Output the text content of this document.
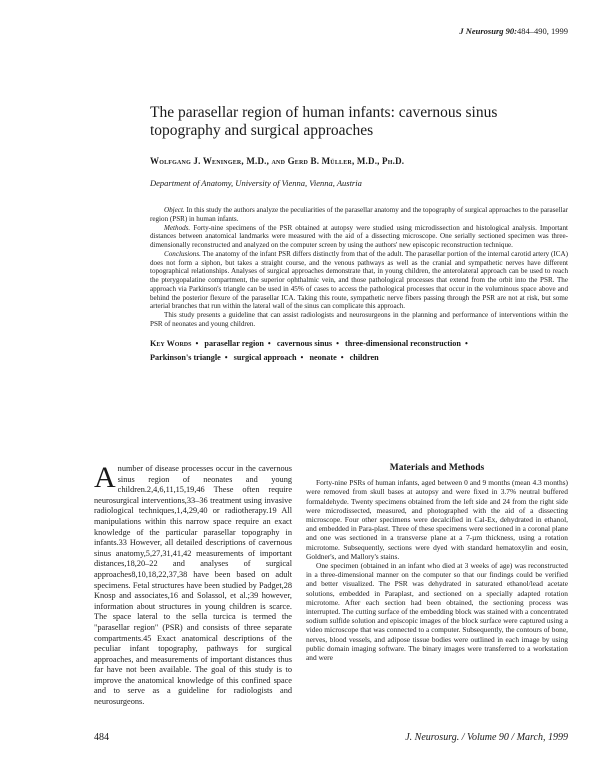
J Neurosurg 90:484–490, 1999
The parasellar region of human infants: cavernous sinus topography and surgical approaches
Wolfgang J. Weninger, M.D., and Gerd B. Müller, M.D., Ph.D.
Department of Anatomy, University of Vienna, Vienna, Austria

Object. In this study the authors analyze the peculiarities of the parasellar anatomy and the topography of surgical approaches to the parasellar region (PSR) in human infants.

Methods. Forty-nine specimens of the PSR obtained at autopsy were studied using microdissection and histological analysis. Important distances between anatomical landmarks were measured with the aid of a dissecting microscope. One serially sectioned specimen was three-dimensionally reconstructed and analyzed on the computer screen by using the authors' new episcopic reconstruction technique.

Conclusions. The anatomy of the infant PSR differs distinctly from that of the adult. The parasellar portion of the internal carotid artery (ICA) does not form a siphon, but takes a straight course, and the venous pathways as well as the cranial and sympathetic nerves have different topographical relationships. Analyses of surgical approaches demonstrate that, in young children, the anterolateral approach can be used to reach the pterygopalatine compartment, the superior ophthalmic vein, and those pathological processes that extend from the orbit into the PSR. The approach via Parkinson's triangle can be used in 45% of cases to access the pathological processes that occur in the voluminous space above and behind the posterior flexure of the parasellar ICA. Taking this route, sympathetic nerve fibers passing through the PSR are not at risk, but some arterial branches that run within the lateral wall of the sinus can complicate this approach.

This study presents a guideline that can assist radiologists and neurosurgeons in the planning and performance of interventions within the PSR of neonates and young children.

Key Words • parasellar region • cavernous sinus • three-dimensional reconstruction •
Parkinson's triangle • surgical approach • neonate • children

Anumber of disease processes occur in the cavernous sinus region of neonates and young children.2,4,6,11,15,19,46 These often require neurosurgical interventions,33–36 treatment using invasive radiological techniques,1,4,29,40 or radiotherapy.19 All manipulations within this narrow space require an exact knowledge of the particular parasellar topography in infants.33 However, all detailed descriptions of cavernous sinus anatomy,5,27,31,41,42 measurements of important distances,18,20–22 and analyses of surgical approaches8,10,18,22,37,38 have been based on adult specimens. Fetal structures have been studied by Padget,28 Knosp and associates,16 and Solassol, et al.;39 however, information about structures in young children is scarce. The space lateral to the sella turcica is termed the "parasellar region" (PSR) and consists of three separate compartments.45 Exact anatomical descriptions of the peculiar infant topography, pathways for surgical approaches, and measurements of important distances thus far have not been available. The goal of this study is to improve the anatomical knowledge of this confined space and to serve as a guideline for radiologists and neurosurgeons.

Materials and Methods

Forty-nine PSRs of human infants, aged between 0 and 9 months (mean 4.3 months) were removed from skull bases at autopsy and were fixed in 3.7% neutral buffered formaldehyde. Twenty specimens obtained from the left side and 24 from the right side were microdissected, measured, and photographed with the aid of a dissecting microscope. Four other specimens were decalcified in Cal-Ex, dehydrated in ethanol, and embedded in Para-plast. Three of these specimens were sectioned in a coronal plane and one was sectioned in a transverse plane at a 7-µm thickness, using a rotation microtome. Subsequently, sections were dyed with standard hematoxylin and eosin, Goldner's, and Mallory's stains.

One specimen (obtained in an infant who died at 3 weeks of age) was reconstructed in a three-dimensional manner on the computer so that our findings could be verified and better visualized. The PSR was dehydrated in saturated ethanol/lead acetate solutions, embedded in Paraplast, and sectioned on a specially adapted rotation microtome. After each section had been obtained, the sectioning process was interrupted. The cutting surface of the embedding block was stained with a concentrated sodium sulfide solution and episcopic images of the block surface were captured using a video microscope that was connected to a computer. Subsequently, the contours of bone, nerves, blood vessels, and adipose tissue bodies were outlined in each image by using public domain imaging software. The binary images were transferred to a workstation and were

484	J. Neurosurg. / Volume 90 / March, 1999
